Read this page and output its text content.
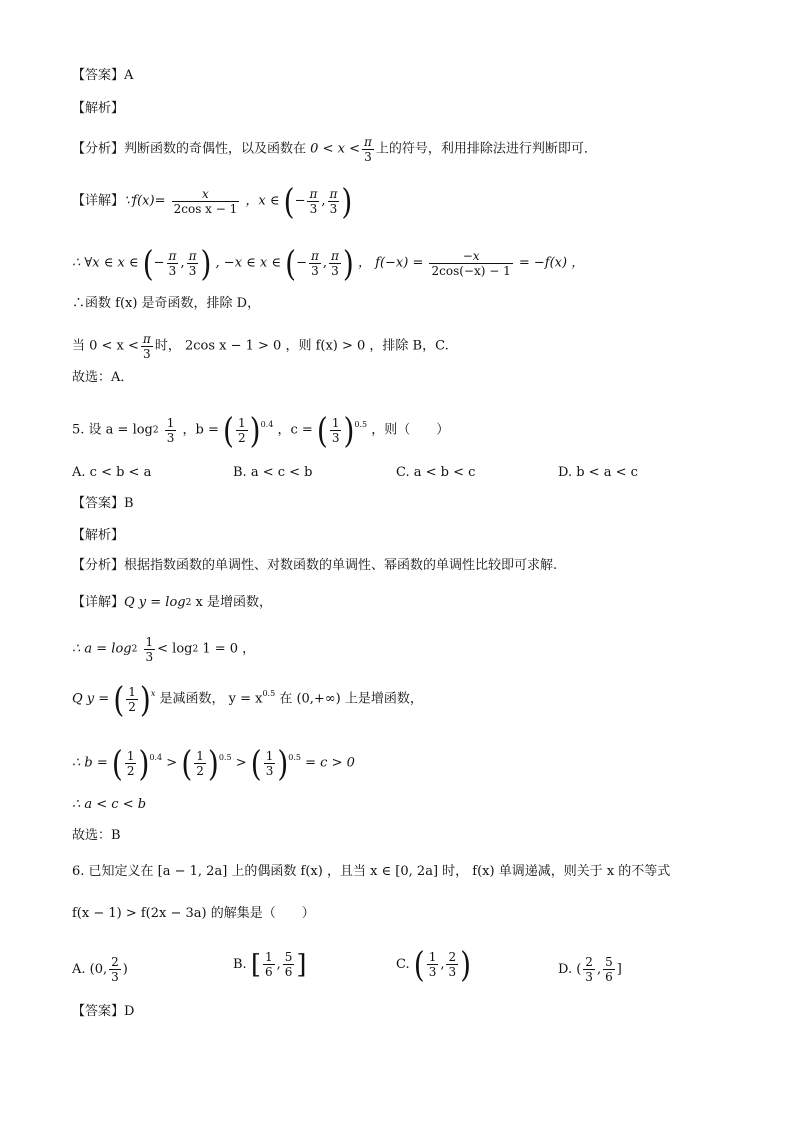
【答案】A
【解析】
【分析】判断函数的奇偶性，以及函数在 $0 < x < \frac{\pi}{3}$ 上的符号，利用排除法进行判断即可．
【详解】∵f(x)= $\frac{x}{\text{2cos x − 1}}$ ，x ∈ (− $\frac{\pi}{3}$ , $\frac{\pi}{3}$ )
∴ ∀x ∈ x ∈ (− $\frac{\pi}{3}$ , $\frac{\pi}{3}$ ) , −x ∈ x ∈ (− $\frac{\pi}{3}$ , $\frac{\pi}{3}$ ) ， $f(-x) = \frac{-x}{2\cos(-x) - 1} = -f(x)$ ，
∴函数 f(x) 是奇函数，排除 D，
当 $0 < x < \frac{\pi}{3}$ 时， 2cos x − 1 > 0 ，则 f(x) > 0 ，排除 B，C.
故选：A．
5. 设 $a = \log 2 \frac{1}{3}$ ，b = ( $\frac{1}{2} )^{0.4}$ ，c = ( $\frac{1}{3} )^{0.5}$ ，则（　　）
A. c < b < a	B. a < c < b	C. a < b < c	D. b < a < c
【答案】B
【解析】
【分析】根据指数函数的单调性、对数函数的单调性、幂函数的单调性比较即可求解.
【详解】Q y = log2 x 是增函数，
∴ $a = \log 2 \frac{1}{3} < \log 2$ 1 = 0 ，
Q y = ( $\frac{1}{2} )^x$ 是减函数， $y = x^{0.5}$ 在 (0,+∞) 上是增函数，
∴ b = ( $\frac{1}{2} )^{0.4}$ > ( $\frac{1}{2} )^{0.5}$ > ( $\frac{1}{3} )^{0.5} = c > 0$
∴ a < c < b
故选：B
6. 已知定义在 [a − 1, 2a] 上的偶函数 f(x) ，且当 x ∈ [0, 2a] 时， f(x) 单调递减，则关于 x 的不等式
f(x − 1) > f(2x − 3a) 的解集是（　　）
A. (0, $\frac{2}{3}$ )	B. [ $\frac{1}{6}$ , $\frac{5}{6}$ ]	C. ( $\frac{1}{3}$ , $\frac{2}{3}$ )	D. ( $\frac{2}{3}$ , $\frac{5}{6}$ ]
【答案】D
